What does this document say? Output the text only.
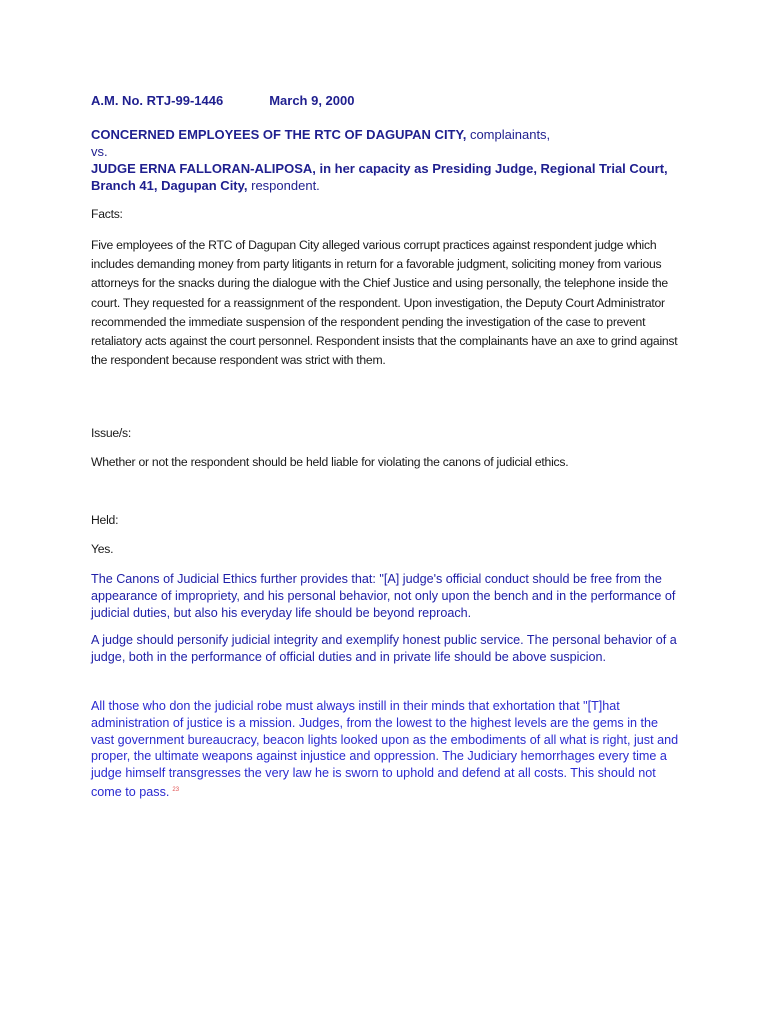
A.M. No. RTJ-99-1446	March 9, 2000
CONCERNED EMPLOYEES OF THE RTC OF DAGUPAN CITY, complainants,
vs.
JUDGE ERNA FALLORAN-ALIPOSA, in her capacity as Presiding Judge, Regional Trial Court, Branch 41, Dagupan City, respondent.
Facts:
Five employees of the RTC of Dagupan City alleged various corrupt practices against respondent judge which includes demanding money from party litigants in return for a favorable judgment, soliciting money from various attorneys for the snacks during the dialogue with the Chief Justice and using personally, the telephone inside the court. They requested for a reassignment of the respondent. Upon investigation, the Deputy Court Administrator recommended the immediate suspension of the respondent pending the investigation of the case to prevent retaliatory acts against the court personnel. Respondent insists that the complainants have an axe to grind against the respondent because respondent was strict with them.
Issue/s:
Whether or not the respondent should be held liable for violating the canons of judicial ethics.
Held:
Yes.
The Canons of Judicial Ethics further provides that: "[A] judge's official conduct should be free from the appearance of impropriety, and his personal behavior, not only upon the bench and in the performance of judicial duties, but also his everyday life should be beyond reproach.
A judge should personify judicial integrity and exemplify honest public service. The personal behavior of a judge, both in the performance of official duties and in private life should be above suspicion.
All those who don the judicial robe must always instill in their minds that exhortation that "[T]hat administration of justice is a mission. Judges, from the lowest to the highest levels are the gems in the vast government bureaucracy, beacon lights looked upon as the embodiments of all what is right, just and proper, the ultimate weapons against injustice and oppression. The Judiciary hemorrhages every time a judge himself transgresses the very law he is sworn to uphold and defend at all costs. This should not come to pass. $^{23}$
